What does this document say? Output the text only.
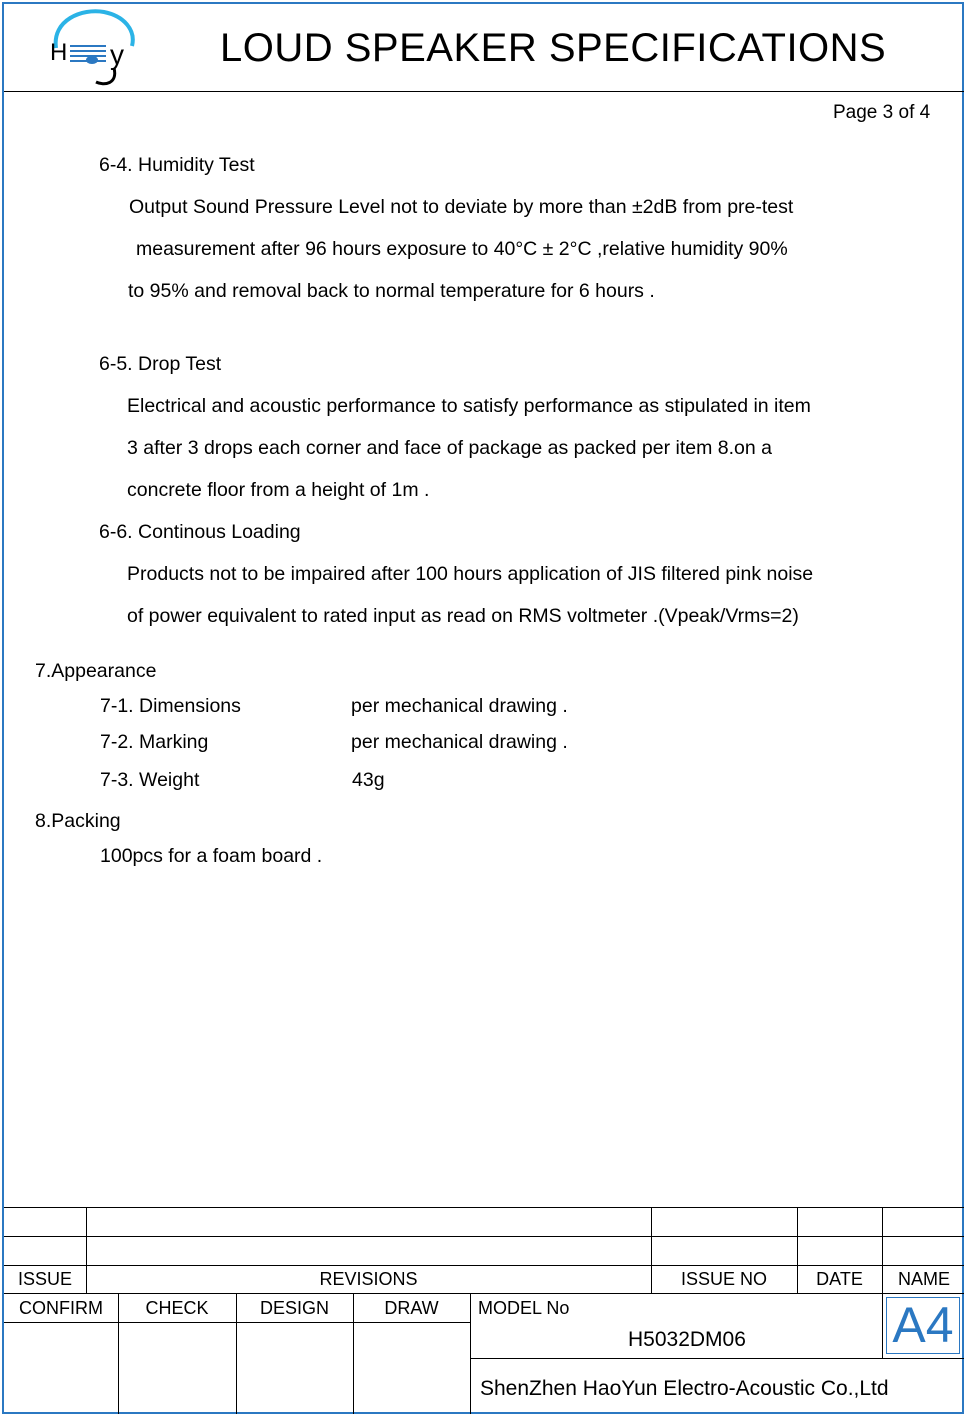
H y LOUD SPEAKER SPECIFICATIONS
Page 3 of 4
6-4. Humidity Test
Output Sound Pressure Level not to deviate by more than ±2dB from pre-test
measurement after 96 hours exposure to 40°C ± 2°C ,relative humidity 90%
to 95% and removal back to normal temperature for 6 hours .
6-5. Drop Test
Electrical and acoustic performance to satisfy performance as stipulated in item
3 after 3 drops each corner and face of package as packed per item 8.on a
concrete floor from a height of 1m .
6-6. Continous Loading
Products not to be impaired after 100 hours application of JIS filtered pink noise
of power equivalent to rated input as read on RMS voltmeter .(Vpeak/Vrms=2)
7.Appearance
7-1. Dimensions	per mechanical drawing .
7-2. Marking	per mechanical drawing .
7-3. Weight	43g
8.Packing
100pcs for a foam board .
ISSUE	REVISIONS	ISSUE NO	DATE	NAME
CONFIRM	CHECK	DESIGN	DRAW	MODEL No
H5032DM06	A4
ShenZhen HaoYun Electro-Acoustic Co.,Ltd
